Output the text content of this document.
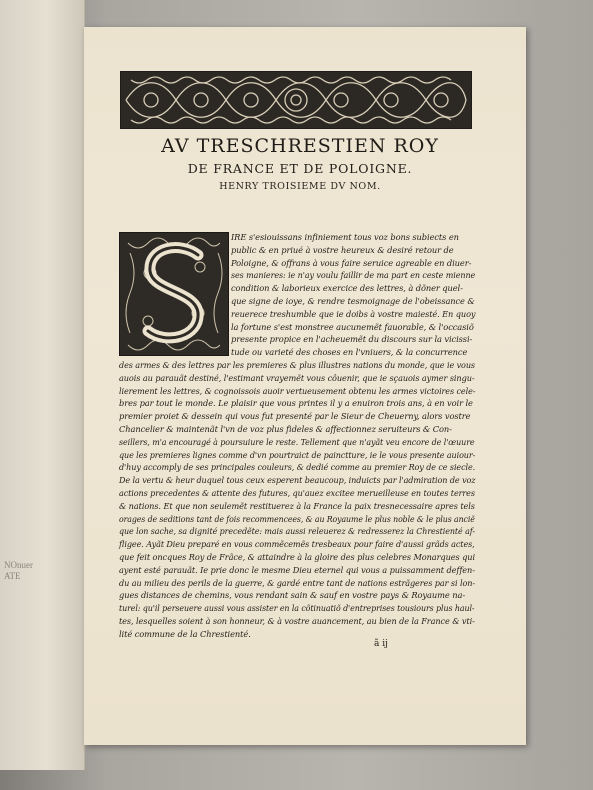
NOnuer
ATE
AV TRESCHRESTIEN ROY
DE FRANCE ET DE POLOIGNE.
HENRY TROISIEME DV NOM.
IRE s'esiouissans infiniement tous voz bons subiects en
public & en priué à vostre heureux & desiré retour de
Poloigne, & offrans à vous faire seruice agreable en diuer-
ses manieres: ie n'ay voulu faillir de ma part en ceste mienne
condition & laborieux exercice des lettres, à dõner quel-
que signe de ioye, & rendre tesmoignage de l'obeissance &
reuerece treshumble que ie doibs à vostre maiesté. En quoy
la fortune s'est monstree aucunemẽt fauorable, & l'occasiõ
presente propice en l'acheuemẽt du discours sur la vicissi-
tude ou varieté des choses en l'vniuers, & la concurrence
des armes & des lettres par les premieres & plus illustres nations du monde, que ie vous
auois au parauãt destiné, l'estimant vrayemẽt vous côuenir, que ie sçauois aymer singu-
lierement les lettres, & cognoissois auoir vertueusement obtenu les armes victoires cele-
bres par tout le monde. Le plaisir que vous printes il y a enuiron trois ans, à en voir le
premier proiet & dessein qui vous fut presenté par le Sieur de Cheuerny, alors vostre
Chancelier & maintenãt l'vn de voz plus fideles & affectionnez seruiteurs & Con-
seillers, m'a encouragé à poursuiure le reste. Tellement que n'ayãt veu encore de l'œuure
que les premieres lignes comme d'vn pourtraict de painctture, ie le vous presente auiour-
d'huy accomply de ses principales couleurs, & dedié comme au premier Roy de ce siecle.
De la vertu & heur duquel tous ceux esperent beaucoup, induicts par l'admiration de voz
actions precedentes & attente des futures, qu'auez excitee merueilleuse en toutes terres
& nations. Et que non seulemẽt restituerez à la France la paix tresnecessaire apres tels
orages de seditions tant de fois recommencees, & au Royaume le plus noble & le plus anciẽ
que lon sache, sa dignité precedẽte: mais aussi releuerez & redresserez la Chrestienté af-
fligee. Ayãt Dieu preparé en vous commẽcemẽs tresbeaux pour faire d'aussi grãds actes,
que feit oncques Roy de Frãce, & attaindre à la gloire des plus celebres Monarques qui
ayent esté parauãt. Ie prie donc le mesme Dieu eternel qui vous a puissamment deffen-
du au milieu des perils de la guerre, & gardé entre tant de nations estrãgeres par si lon-
gues distances de chemins, vous rendant sain & sauf en vostre pays & Royaume na-
turel: qu'il perseuere aussi vous assister en la cõtinuatiõ d'entreprises tousiours plus haul-
tes, lesquelles soient à son honneur, & à vostre auancement, au bien de la France & vti-
lité commune de la Chrestienté.
ã ij
